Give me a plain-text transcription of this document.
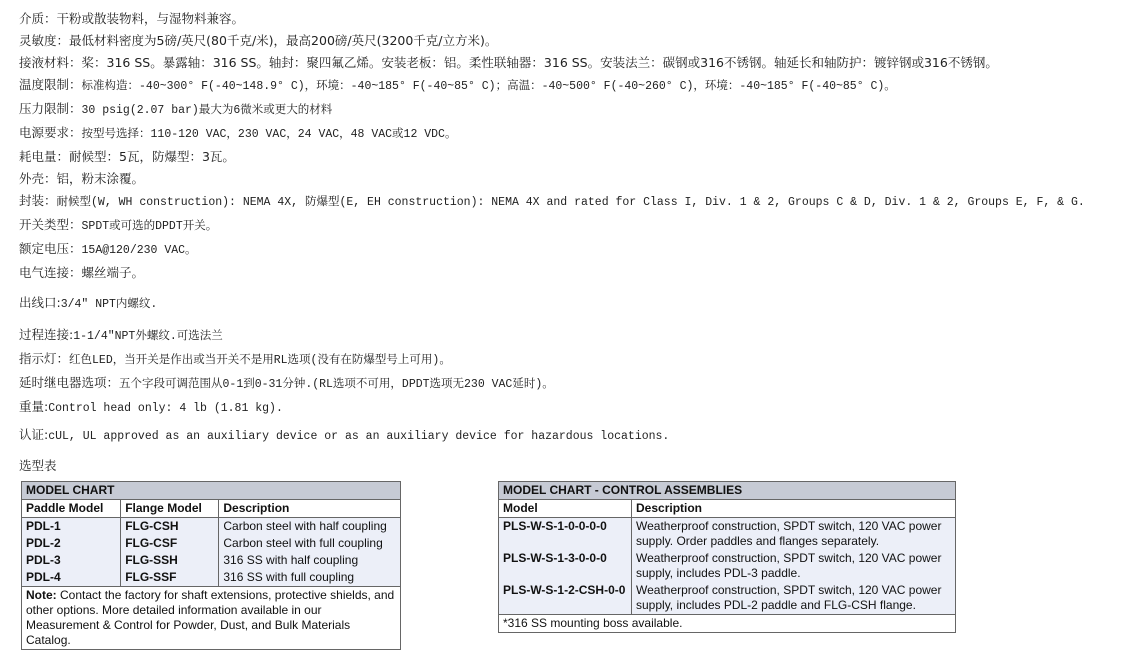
介质：干粉或散装物料，与湿物料兼容。
灵敏度：最低材料密度为5磅/英尺(80千克/米)，最高200磅/英尺(3200千克/立方米)。
接液材料：桨：316 SS。暴露轴：316 SS。轴封：聚四氟乙烯。安装老板：铝。柔性联轴器：316 SS。安装法兰：碳钢或316不锈钢。轴延长和轴防护：镀锌钢或316不锈钢。
温度限制：标准构造：-40~300° F(-40~148.9° C)，环境：-40~185° F(-40~85° C)；高温：-40~500° F(-40~260° C)，环境：-40~185° F(-40~85° C)。
压力限制：30 psig(2.07 bar)最大为6微米或更大的材料
电源要求：按型号选择：110-120 VAC，230 VAC，24 VAC，48 VAC或12 VDC。
耗电量：耐候型：5瓦，防爆型：3瓦。
外壳：铝，粉末涂覆。
封装：耐候型(W, WH construction): NEMA 4X, 防爆型(E, EH construction): NEMA 4X and rated for Class I, Div. 1 & 2, Groups C & D, Div. 1 & 2, Groups E, F, & G.
开关类型：SPDT或可选的DPDT开关。
额定电压：15A@120/230 VAC。
电气连接：螺丝端子。
出线口:3/4″ NPT内螺纹.
过程连接:1-1/4″NPT外螺纹.可选法兰
指示灯：红色LED，当开关是作出或当开关不是用RL选项(没有在防爆型号上可用)。
延时继电器选项：五个字段可调范围从0-1到0-31分钟.(RL选项不可用，DPDT选项无230 VAC延时)。
重量:Control head only: 4 lb (1.81 kg).
认证:cUL, UL approved as an auxiliary device or as an auxiliary device for hazardous locations.
选型表
MODEL CHART		
Paddle Model	Flange Model	Description
PDL-1	FLG-CSH	Carbon steel with half coupling
PDL-2	FLG-CSF	Carbon steel with full coupling
PDL-3	FLG-SSH	316 SS with half coupling
PDL-4	FLG-SSF	316 SS with full coupling
Note: Contact the factory for shaft extensions, protective shields, and other options. More detailed information available in our Measurement & Control for Powder, Dust, and Bulk Materials Catalog.		
MODEL CHART - CONTROL ASSEMBLIES	
Model	Description
PLS-W-S-1-0-0-0-0	Weatherproof construction, SPDT switch, 120 VAC power supply. Order paddles and flanges separately.
PLS-W-S-1-3-0-0-0	Weatherproof construction, SPDT switch, 120 VAC power supply, includes PDL-3 paddle.
PLS-W-S-1-2-CSH-0-0	Weatherproof construction, SPDT switch, 120 VAC power supply, includes PDL-2 paddle and FLG-CSH flange.
*316 SS mounting boss available.	
